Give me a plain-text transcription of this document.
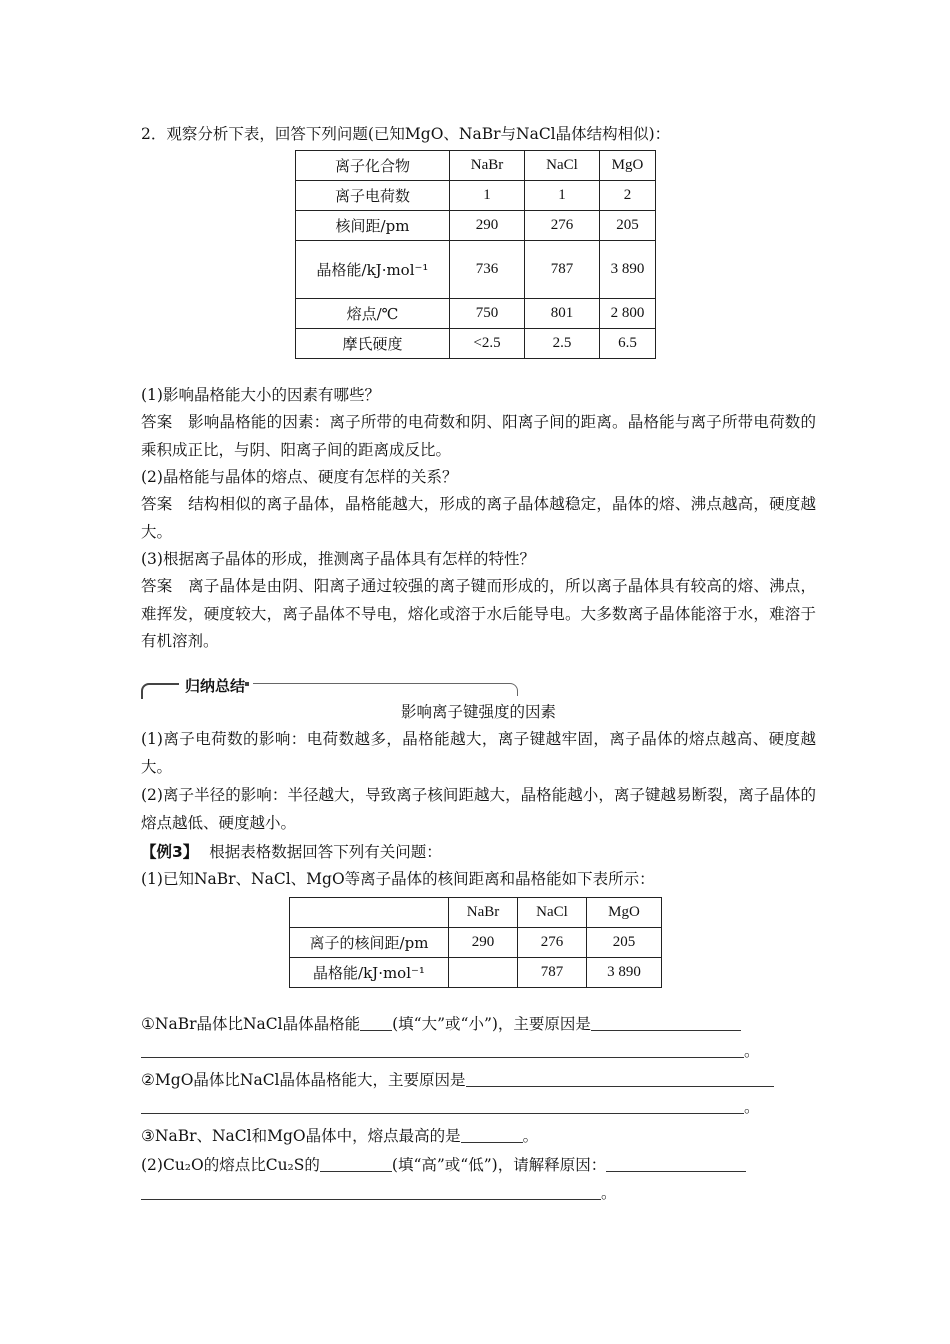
2．观察分析下表，回答下列问题(已知MgO、NaBr与NaCl晶体结构相似)：
离子化合物	NaBr	NaCl	MgO
离子电荷数	1	1	2
核间距/pm	290	276	205
晶格能/kJ·mol⁻¹	736	787	3 890
熔点/℃	750	801	2 800
摩氏硬度	<2.5	2.5	6.5
(1)影响晶格能大小的因素有哪些？
答案　影响晶格能的因素：离子所带的电荷数和阴、阳离子间的距离。晶格能与离子所带电荷数的乘积成正比，与阴、阳离子间的距离成反比。
(2)晶格能与晶体的熔点、硬度有怎样的关系？
答案　结构相似的离子晶体，晶格能越大，形成的离子晶体越稳定，晶体的熔、沸点越高，硬度越大。
(3)根据离子晶体的形成，推测离子晶体具有怎样的特性？
答案　离子晶体是由阴、阳离子通过较强的离子键而形成的，所以离子晶体具有较高的熔、沸点，难挥发，硬度较大，离子晶体不导电，熔化或溶于水后能导电。大多数离子晶体能溶于水，难溶于有机溶剂。
归纳总结
影响离子键强度的因素
(1)离子电荷数的影响：电荷数越多，晶格能越大，离子键越牢固，离子晶体的熔点越高、硬度越大。
(2)离子半径的影响：半径越大，导致离子核间距越大，晶格能越小，离子键越易断裂，离子晶体的熔点越低、硬度越小。
【例3】 根据表格数据回答下列有关问题：
(1)已知NaBr、NaCl、MgO等离子晶体的核间距离和晶格能如下表所示：
	NaBr	NaCl	MgO
离子的核间距/pm	290	276	205
晶格能/kJ·mol⁻¹		787	3 890
①NaBr晶体比NaCl晶体晶格能 (填“大”或“小”)，主要原因是
。
②MgO晶体比NaCl晶体晶格能大，主要原因是
。
③NaBr、NaCl和MgO晶体中，熔点最高的是	。
(2)Cu₂O的熔点比Cu₂S的	(填“高”或“低”)，请解释原因：
。
